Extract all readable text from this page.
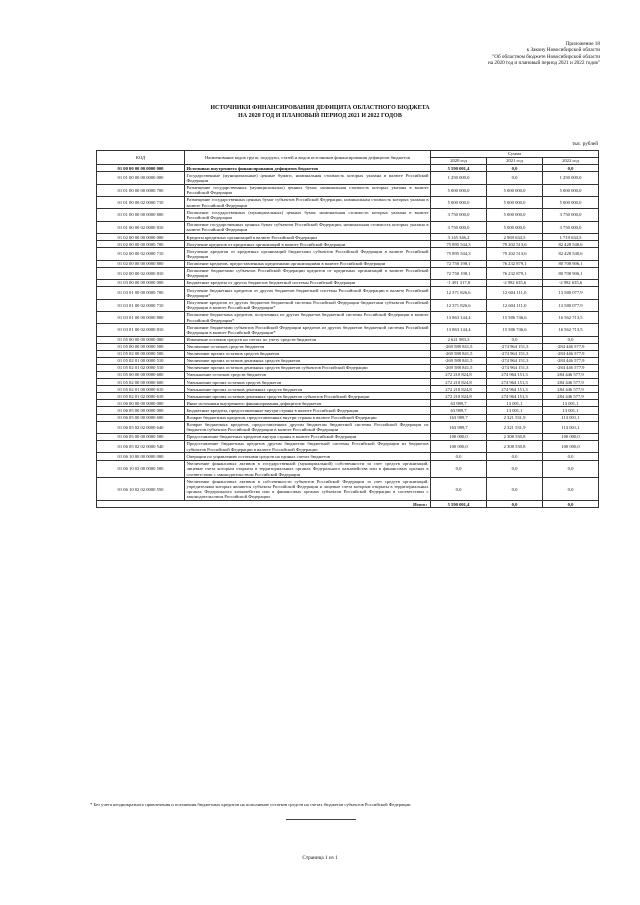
Приложение 18
к Закону Новосибирской области
"Об областном бюджете Новосибирской области
на 2020 год и плановый период 2021 и 2022 годов"
ИСТОЧНИКИ ФИНАНСИРОВАНИЯ ДЕФИЦИТА ОБЛАСТНОГО БЮДЖЕТА
НА 2020 ГОД И ПЛАНОВЫЙ ПЕРИОД 2021 И 2022 ГОДОВ
тыс. рублей
КОД	Наименование кодов групп, подгрупп, статей и видов источников финансирования дефицитов бюджетов	Сумма		
		2020 год	2021 год	2022 год
01 00 00 00 00 0000 000	Источники внутреннего финансирования дефицитов бюджетов	5 590 001,4	0,0	0,0
01 01 00 00 00 0000 000	Государственные (муниципальные) ценные бумаги, номинальная стоимость которых указана в валюте Российской Федерации	1 250 000,0	0,0	1 250 000,0
01 01 00 00 00 0000 700	Размещение государственных (муниципальных) ценных бумаг, номинальная стоимость которых указана в валюте Российской Федерации	5 000 000,0	5 000 000,0	5 000 000,0
01 01 00 00 02 0000 710	Размещение государственных ценных бумаг субъектов Российской Федерации, номинальная стоимость которых указана в валюте Российской Федерации	5 000 000,0	5 000 000,0	5 000 000,0
01 01 00 00 00 0000 800	Погашение государственных (муниципальных) ценных бумаг, номинальная стоимость которых указана в валюте Российской Федерации	3 750 000,0	5 000 000,0	3 750 000,0
01 01 00 00 02 0000 810	Погашение государственных ценных бумаг субъектов Российской Федерации, номинальная стоимость которых указана в валюте Российской Федерации	3 750 000,0	5 000 000,0	3 750 000,0
01 02 00 00 00 0000 000	Кредиты кредитных организаций в валюте Российской Федерации	3 145 346,2	2 969 634,5	1 719 634,5
01 02 00 00 00 0000 700	Получение кредитов от кредитных организаций в валюте Российской Федерации	75 895 544,3	79 202 513,6	82 428 540,6
01 02 00 00 02 0000 710	Получение кредитов от кредитных организаций бюджетами субъектов Российской Федерации в валюте Российской Федерации	75 895 544,3	79 202 513,6	82 428 540,6
01 02 00 00 00 0000 800	Погашение кредитов, предоставленных кредитными организациями в валюте Российской Федерации	72 750 198,1	76 232 879,1	80 708 906,1
01 02 00 00 02 0000 810	Погашение бюджетами субъектов Российской Федерации кредитов от кредитных организаций в валюте Российской Федерации	72 750 198,1	76 232 879,1	80 708 906,1
01 03 00 00 00 0000 000	Бюджетные кредиты от других бюджетов бюджетной системы Российской Федерации	-1 491 317,8	-2 982 635,6	-2 982 635,6
01 03 01 00 00 0000 700	Получение бюджетных кредитов от других бюджетов бюджетной системы Российской Федерации в валюте Российской Федерации*	12 371 826,6	12 604 111,0	13 580 077,9
01 03 01 00 02 0000 710	Получение кредитов от других бюджетов бюджетной системы Российской Федерации бюджетами субъектов Российской Федерации в валюте Российской Федерации*	12 371 826,6	12 604 111,0	13 580 077,9
01 03 01 00 00 0000 800	Погашение бюджетных кредитов, полученных из других бюджетов бюджетной системы Российской Федерации в валюте Российской Федерации*	13 863 144,4	15 586 746,6	16 562 713,5
01 03 01 00 02 0000 810	Погашение бюджетами субъектов Российской Федерации кредитов из других бюджетов бюджетной системы Российской Федерации в валюте Российской Федерации*	13 863 144,4	15 586 746,6	16 562 713,5
01 05 00 00 00 0000 000	Изменение остатков средств на счетах по учету средств бюджетов	2 621 983,3	0,0	0,0
01 05 00 00 00 0000 500	Увеличение остатков средств бюджетов	-269 588 841,5	-274 964 151,3	-284 446 577,9
01 05 02 00 00 0000 500	Увеличение прочих остатков средств бюджетов	-269 588 841,5	-274 964 151,3	-284 446 577,9
01 05 02 01 00 0000 510	Увеличение прочих остатков денежных средств бюджетов	-269 588 841,5	-274 964 151,3	-284 446 577,9
01 05 02 01 02 0000 510	Увеличение прочих остатков денежных средств бюджетов субъектов Российской Федерации	-269 588 841,5	-274 964 151,3	-284 446 577,9
01 05 00 00 00 0000 600	Уменьшение остатков средств бюджетов	272 210 824,8	274 964 151,3	284 446 577,9
01 05 02 00 00 0000 600	Уменьшение прочих остатков средств бюджетов	272 210 824,8	274 964 151,3	284 446 577,9
01 05 02 01 00 0000 610	Уменьшение прочих остатков денежных средств бюджетов	272 210 824,8	274 964 151,3	284 446 577,9
01 05 02 01 02 0000 610	Уменьшение прочих остатков денежных средств бюджетов субъектов Российской Федерации	272 210 824,8	274 964 151,3	284 446 577,9
01 06 00 00 00 0000 000	Иные источники внутреннего финансирования дефицитов бюджетов	63 989,7	13 001,1	13 001,1
01 06 05 00 00 0000 000	Бюджетные кредиты, предоставленные внутри страны в валюте Российской Федерации	63 989,7	13 001,1	13 001,1
01 06 05 00 00 0000 600	Возврат бюджетных кредитов, предоставленных внутри страны в валюте Российской Федерации	163 989,7	2 321 531,9	113 001,1
01 06 05 02 02 0000 640	Возврат бюджетных кредитов, предоставленных другим бюджетам бюджетной системы Российской Федерации из бюджетов субъектов Российской Федерации в валюте Российской Федерации	163 989,7	2 321 531,9	113 001,1
01 06 05 00 00 0000 500	Предоставление бюджетных кредитов внутри страны в валюте Российской Федерации	100 000,0	2 308 530,8	100 000,0
01 06 05 02 02 0000 540	Предоставление бюджетных кредитов другим бюджетам бюджетной системы Российской Федерации из бюджетов субъектов Российской Федерации в валюте Российской Федерации	100 000,0	2 308 530,8	100 000,0
01 06 10 00 00 0000 000	Операции по управлению остатками средств на единых счетах бюджетов	0,0	0,0	0,0
01 06 10 02 00 0000 500	Увеличение финансовых активов в государственной (муниципальной) собственности за счет средств организаций, лицевые счета которым открыты в территориальных органах Федерального казначейства или в финансовых органах в соответствии с законодательством Российской Федерации	0,0	0,0	0,0
01 06 10 02 02 0000 550	Увеличение финансовых активов в собственности субъектов Российской Федерации за счет средств организаций, учредителями которых являются субъекты Российской Федерации и лицевые счета которым открыты в территориальных органах Федерального казначейства или в финансовых органах субъектов Российской Федерации в соответствии с законодательством Российской Федерации	0,0	0,0	0,0
Итого:		5 590 001,4	0,0	0,0
* Без учета неоднократного привлечения и погашения бюджетных кредитов на пополнение остатков средств на счетах бюджетов субъектов Российской Федерации
Страница 1 из 1
